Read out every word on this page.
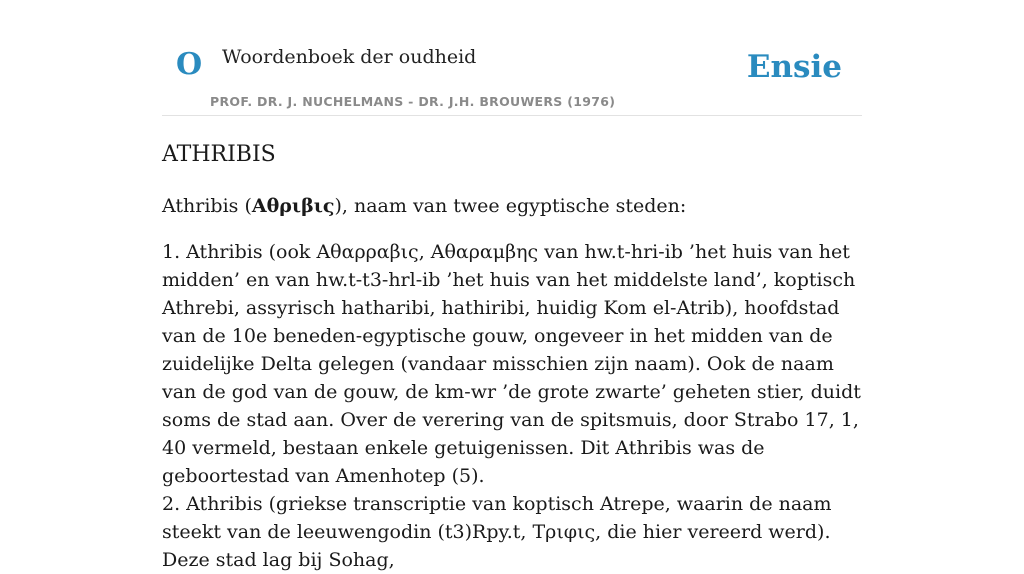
O Woordenboek der oudheid
PROF. DR. J. NUCHELMANS - DR. J.H. BROUWERS (1976)
Ensie
ATHRIBIS

Athribis (Αθριβις), naam van twee egyptische steden:

1. Athribis (ook Αθαρραβις, Αθαραμβης van hw.t-hri-ib ’het huis van het midden’ en van hw.t-t3-hrl-ib ’het huis van het middelste land’, koptisch Athrebi, assyrisch hatharibi, hathiribi, huidig Kom el-Atrib), hoofdstad van de 10e beneden-egyptische gouw, ongeveer in het midden van de zuidelijke Delta gelegen (vandaar misschien zijn naam). Ook de naam van de god van de gouw, de km-wr ’de grote zwarte’ geheten stier, duidt soms de stad aan. Over de verering van de spitsmuis, door Strabo 17, 1, 40 vermeld, bestaan enkele getuigenissen. Dit Athribis was de geboortestad van Amenhotep (5).

2. Athribis (griekse transcriptie van koptisch Atrepe, waarin de naam steekt van de leeuwengodin (t3)Rpy.t, Τριφις, die hier vereerd werd). Deze stad lag bij Sohag,
